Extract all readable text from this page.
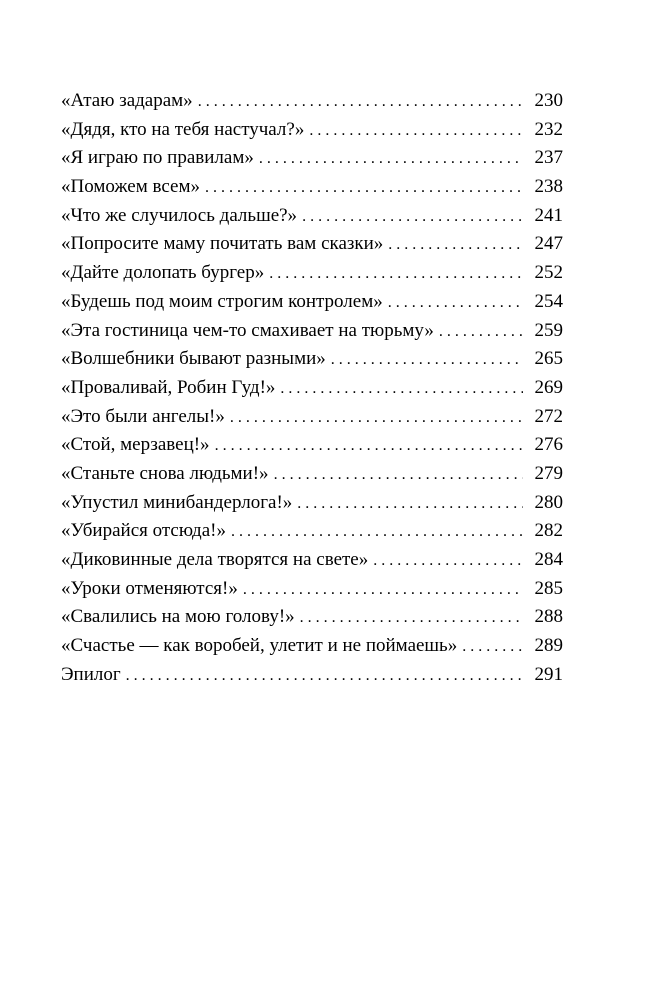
«Атаю задарам» . . .	230
«Дядя, кто на тебя настучал?» . . .	232
«Я играю по правилам» . . .	237
«Поможем всем» . . .	238
«Что же случилось дальше?» . . .	241
«Попросите маму почитать вам сказки» . . .	247
«Дайте долопать бургер» . . .	252
«Будешь под моим строгим контролем» . . .	254
«Эта гостиница чем-то смахивает на тюрьму» . . .	259
«Волшебники бывают разными» . . .	265
«Проваливай, Робин Гуд!» . . .	269
«Это были ангелы!» . . .	272
«Стой, мерзавец!» . . .	276
«Станьте снова людьми!» . . .	279
«Упустил минибандерлога!» . . .	280
«Убирайся отсюда!» . . .	282
«Диковинные дела творятся на свете» . . .	284
«Уроки отменяются!» . . .	285
«Свалились на мою голову!» . . .	288
«Счастье — как воробей, улетит и не поймаешь» . . .	289
Эпилог . . .	291
